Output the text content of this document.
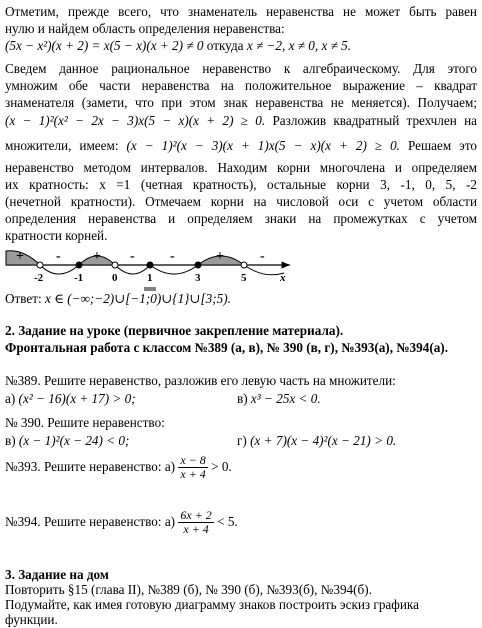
Отметим, прежде всего, что знаменатель неравенства не может быть равен
нулю и найдем область определения неравенства:
(5x − x²)(x + 2) = x(5 − x)(x + 2) ≠ 0 откуда x ≠ −2, x ≠ 0, x ≠ 5.
Сведем данное рациональное неравенство к алгебраическому. Для этого
умножим обе части неравенства на положительное выражение – квадрат
знаменателя (замети, что при этом знак неравенства не меняется). Получаем;
(x − 1)²(x² − 2x − 3)x(5 − x)(x + 2) ≥ 0. Разложив квадратный трехчлен на
множители, имеем: (x − 1)²(x − 3)(x + 1)x(5 − x)(x + 2) ≥ 0. Решаем это
неравенство методом интервалов. Находим корни многочлена и определяем
их кратность: x =1 (четная кратность), остальные корни 3, -1, 0, 5, -2
(нечетной кратности). Отмечаем корни на числовой оси с учетом области
определения неравенства и определяем знаки на промежутках с учетом
кратности корней.
+ - + -	-	+	-
-2	-1	0	1	3	5	x
Ответ: x ∈ (−∞;−2)∪[−1;0)∪{1}∪[3;5).
2. Задание на уроке (первичное закрепление материала).
Фронтальная работа с классом №389 (а, в), № 390 (в, г), №393(а), №394(а).
№389. Решите неравенство, разложив его левую часть на множители:
а) (x² − 16)(x + 17) > 0;	в) x³ − 25x < 0.
№ 390. Решите неравенство:
в) (x − 1)²(x − 24) < 0;	г) (x + 7)(x − 4)²(x − 21) > 0.
№393. Решите неравенство: $а) \frac{x - 8}{x + 4} > 0$.
№394. Решите неравенство: $а) \frac{6x + 2}{x + 4} < 5$.
3. Задание на дом
Повторить §15 (глава II), №389 (б), № 390 (б), №393(б), №394(б).
Подумайте, как имея готовую диаграмму знаков построить эскиз графика
функции.
